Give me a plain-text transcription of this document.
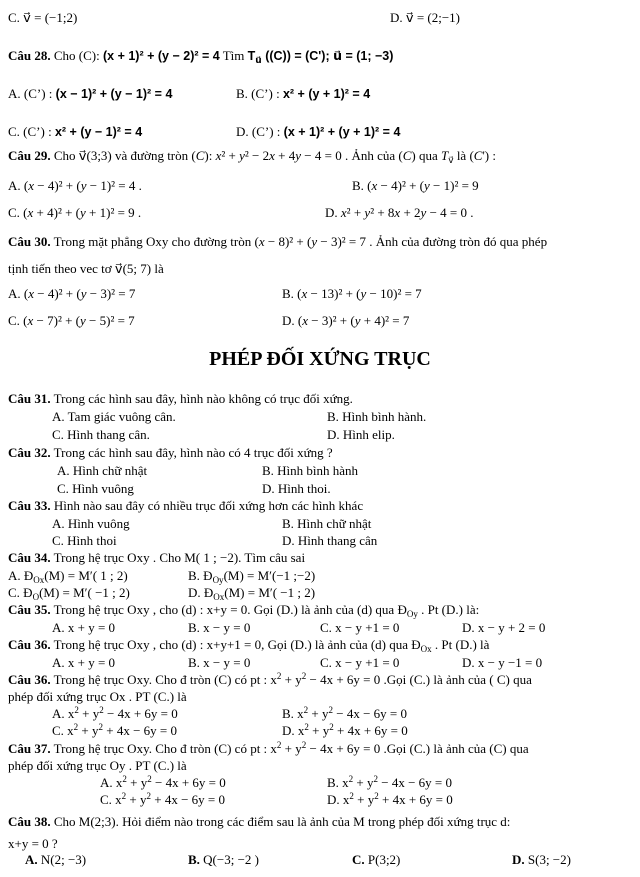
C. v⃗ = (−1;2)	D. v⃗ = (2;−1)
Câu 28. Cho (C): (x + 1)² + (y − 2)² = 4 Tìm $T_{u⃗}$ ((C)) = (C'); u⃗ = (1; −3)
A. (C’) : (x − 1)² + (y − 1)² = 4	B. (C’) : x² + (y + 1)² = 4
C. (C’) : x² + (y − 1)² = 4	D. (C’) : (x + 1)² + (y + 1)² = 4
Câu 29. Cho v⃗(3;3) và đường tròn (C): x² + y² − 2x + 4y − 4 = 0 . Ảnh của (C) qua $T_{v⃗}$ là (C') :
A. (x − 4)² + (y − 1)² = 4 .	B. (x − 4)² + (y − 1)² = 9
C. (x + 4)² + (y + 1)² = 9 .	D. x² + y² + 8x + 2y − 4 = 0 .
Câu 30. Trong mặt phẳng Oxy cho đường tròn (x − 8)² + (y − 3)² = 7 . Ảnh của đường tròn đó qua phép
tịnh tiến theo vec tơ v⃗(5; 7) là
A. (x − 4)² + (y − 3)² = 7	B. (x − 13)² + (y − 10)² = 7
C. (x − 7)² + (y − 5)² = 7	D. (x − 3)² + (y + 4)² = 7
Câu 31. Trong các hình sau đây, hình nào không có trục đối xứng.
A. Tam giác vuông cân.	B. Hình bình hành.
C. Hình thang cân.	D. Hình elip.
Câu 32. Trong các hình sau đây, hình nào có 4 trục đối xứng ?
A. Hình chữ nhật	B. Hình bình hành
C. Hình vuông	D. Hình thoi.
Câu 33. Hình nào sau đây có nhiều trục đối xứng hơn các hình khác
A. Hình vuông	B. Hình chữ nhật
C. Hình thoi	D. Hình thang cân
Câu 34. Trong hệ trục Oxy . Cho M( 1 ; −2). Tìm câu sai
A. $Đ_{Ox}(M) = M'$( 1 ; 2)	B. $Đ_{Oy}(M) = M'(-1$ ;−2)
C. $Đ_O(M) = M'( -1$ ; 2)	D. $Đ_{Ox}(M) = M'( -1$ ; 2)
Câu 35. Trong hệ trục Oxy , cho (d) : x+y = 0. Gọi (D.) là ảnh của (d) qua $Đ_{Oy}$ . Pt (D.) là:
A. x + y = 0	B. x − y = 0	C. x − y +1 = 0	D. x − y + 2 = 0
Câu 36. Trong hệ trục Oxy , cho (d) : x+y+1 = 0, Gọi (D.) là ảnh của (d) qua $Đ_{Ox}$ . Pt (D.) là
A. x + y = 0	B. x − y = 0	C. x − y +1 = 0	D. x − y −1 = 0
Câu 36. Trong hệ trục Oxy. Cho đ tròn (C) có pt : $x^2 + y^2 - 4x + 6y = 0$ .Gọi (C.) là ảnh của ( C) qua
phép đối xứng trục Ox . PT (C.) là
A. $x^2 + y^2 - 4x + 6y = 0$	B. $x^2 + y^2 - 4x - 6y = 0$
C. $x^2 + y^2 + 4x - 6y = 0$	D. $x^2 + y^2 + 4x + 6y = 0$
Câu 37. Trong hệ trục Oxy. Cho đ tròn (C) có pt : $x^2 + y^2 - 4x + 6y = 0$ .Gọi (C.) là ảnh của (C) qua
phép đối xứng trục Oy . PT (C.) là
A. $x^2 + y^2 - 4x + 6y = 0$	B. $x^2 + y^2 - 4x - 6y = 0$
C. $x^2 + y^2 + 4x - 6y = 0$	D. $x^2 + y^2 + 4x + 6y = 0$
Câu 38. Cho M(2;3). Hỏi điểm nào trong các điểm sau là ảnh của M trong phép đối xứng trục d:
x+y = 0 ?
A. N(2; −3)	B. Q(−3; −2 )	C. P(3;2)	D. S(3; −2)
PHÉP ĐỐI XỨNG TRỤC
